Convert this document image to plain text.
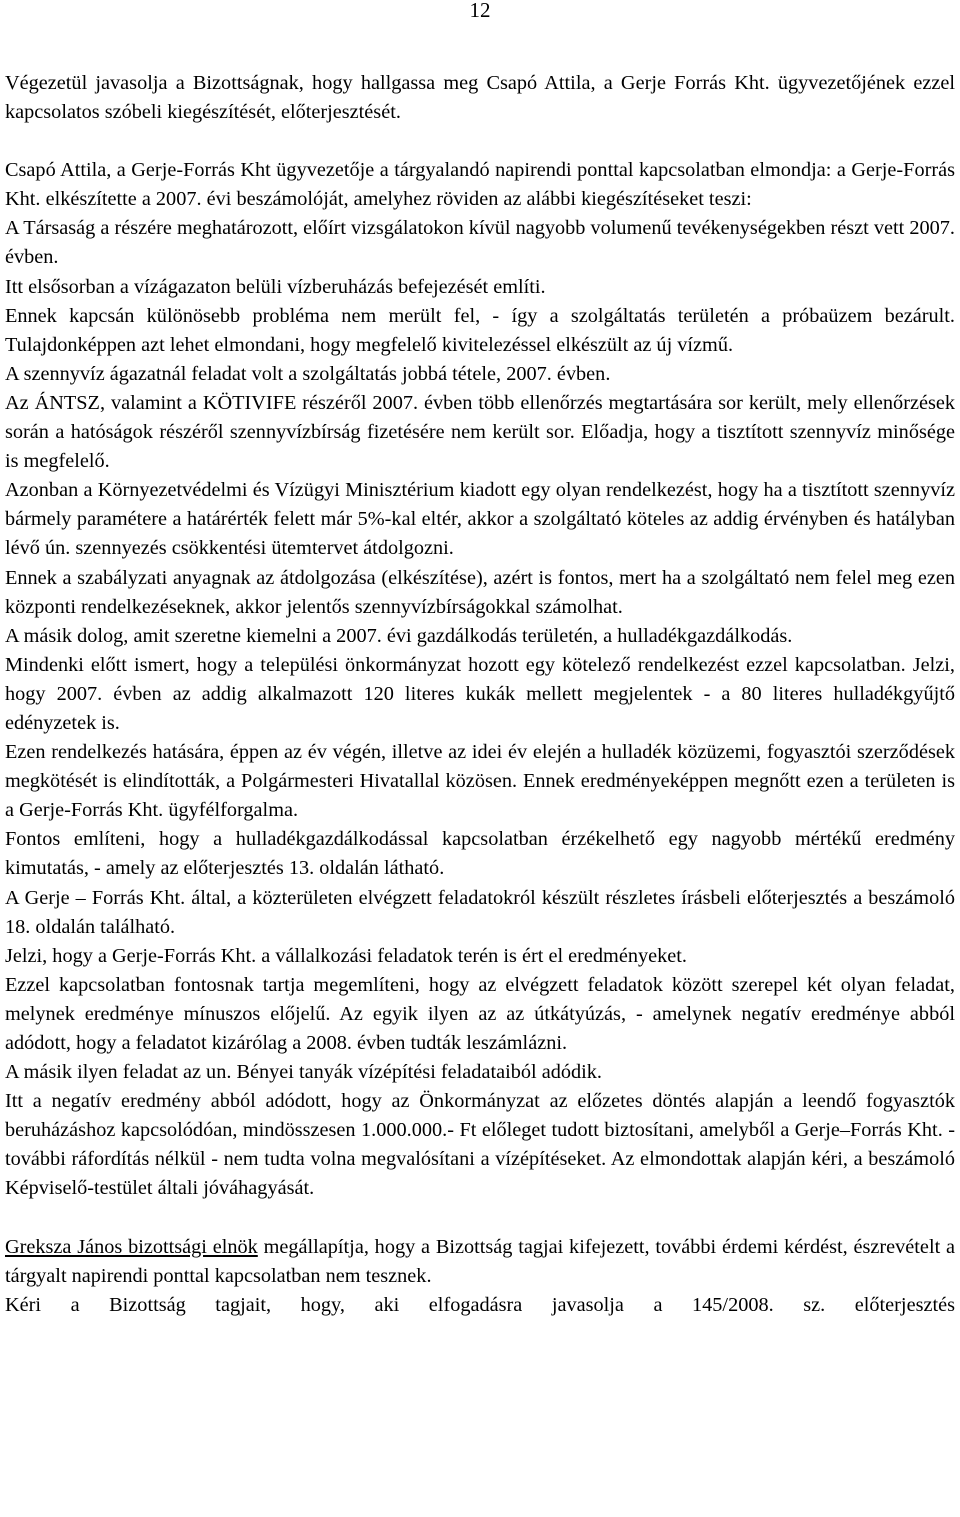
12

Végezetül javasolja a Bizottságnak, hogy hallgassa meg Csapó Attila, a Gerje Forrás Kht. ügyvezetőjének ezzel kapcsolatos szóbeli kiegészítését, előterjesztését.

Csapó Attila, a Gerje-Forrás Kht ügyvezetője a tárgyalandó napirendi ponttal kapcsolatban elmondja: a Gerje-Forrás Kht. elkészítette a 2007. évi beszámolóját, amelyhez röviden az alábbi kiegészítéseket teszi:

A Társaság a részére meghatározott, előírt vizsgálatokon kívül nagyobb volumenű tevékenységekben részt vett 2007. évben.

Itt elsősorban a vízágazaton belüli vízberuházás befejezését említi.

Ennek kapcsán különösebb probléma nem merült fel, - így a szolgáltatás területén a próbaüzem bezárult. Tulajdonképpen azt lehet elmondani, hogy megfelelő kivitelezéssel elkészült az új vízmű.

A szennyvíz ágazatnál feladat volt a szolgáltatás jobbá tétele, 2007. évben.

Az ÁNTSZ, valamint a KÖTIVIFE részéről 2007. évben több ellenőrzés megtartására sor került, mely ellenőrzések során a hatóságok részéről szennyvízbírság fizetésére nem került sor. Előadja, hogy a tisztított szennyvíz minősége is megfelelő.

Azonban a Környezetvédelmi és Vízügyi Minisztérium kiadott egy olyan rendelkezést, hogy ha a tisztított szennyvíz bármely paramétere a határérték felett már 5%-kal eltér, akkor a szolgáltató köteles az addig érvényben és hatályban lévő ún. szennyezés csökkentési ütemtervet átdolgozni.

Ennek a szabályzati anyagnak az átdolgozása (elkészítése), azért is fontos, mert ha a szolgáltató nem felel meg ezen központi rendelkezéseknek, akkor jelentős szennyvízbírságokkal számolhat.

A másik dolog, amit szeretne kiemelni a 2007. évi gazdálkodás területén, a hulladékgazdálkodás.

Mindenki előtt ismert, hogy a települési önkormányzat hozott egy kötelező rendelkezést ezzel kapcsolatban. Jelzi, hogy 2007. évben az addig alkalmazott 120 literes kukák mellett megjelentek - a 80 literes hulladékgyűjtő edényzetek is.

Ezen rendelkezés hatására, éppen az év végén, illetve az idei év elején a hulladék közüzemi, fogyasztói szerződések megkötését is elindították, a Polgármesteri Hivatallal közösen. Ennek eredményeképpen megnőtt ezen a területen is a Gerje-Forrás Kht. ügyfélforgalma.

Fontos említeni, hogy a hulladékgazdálkodással kapcsolatban érzékelhető egy nagyobb mértékű eredmény kimutatás, - amely az előterjesztés 13. oldalán látható.

A Gerje – Forrás Kht. által, a közterületen elvégzett feladatokról készült részletes írásbeli előterjesztés a beszámoló 18. oldalán található.

Jelzi, hogy a Gerje-Forrás Kht. a vállalkozási feladatok terén is ért el eredményeket.

Ezzel kapcsolatban fontosnak tartja megemlíteni, hogy az elvégzett feladatok között szerepel két olyan feladat, melynek eredménye mínuszos előjelű. Az egyik ilyen az az útkátyúzás, - amelynek negatív eredménye abból adódott, hogy a feladatot kizárólag a 2008. évben tudták leszámlázni.

A másik ilyen feladat az un. Bényei tanyák vízépítési feladataiból adódik.

Itt a negatív eredmény abból adódott, hogy az Önkormányzat az előzetes döntés alapján a leendő fogyasztók beruházáshoz kapcsolódóan, mindösszesen 1.000.000.- Ft előleget tudott biztosítani, amelyből a Gerje–Forrás Kht. - további ráfordítás nélkül - nem tudta volna megvalósítani a vízépítéseket. Az elmondottak alapján kéri, a beszámoló Képviselő-testület általi jóváhagyását.

Greksza János bizottsági elnök megállapítja, hogy a Bizottság tagjai kifejezett, további érdemi kérdést, észrevételt a tárgyalt napirendi ponttal kapcsolatban nem tesznek.

Kéri a Bizottság tagjait, hogy, aki elfogadásra javasolja a 145/2008. sz. előterjesztés
